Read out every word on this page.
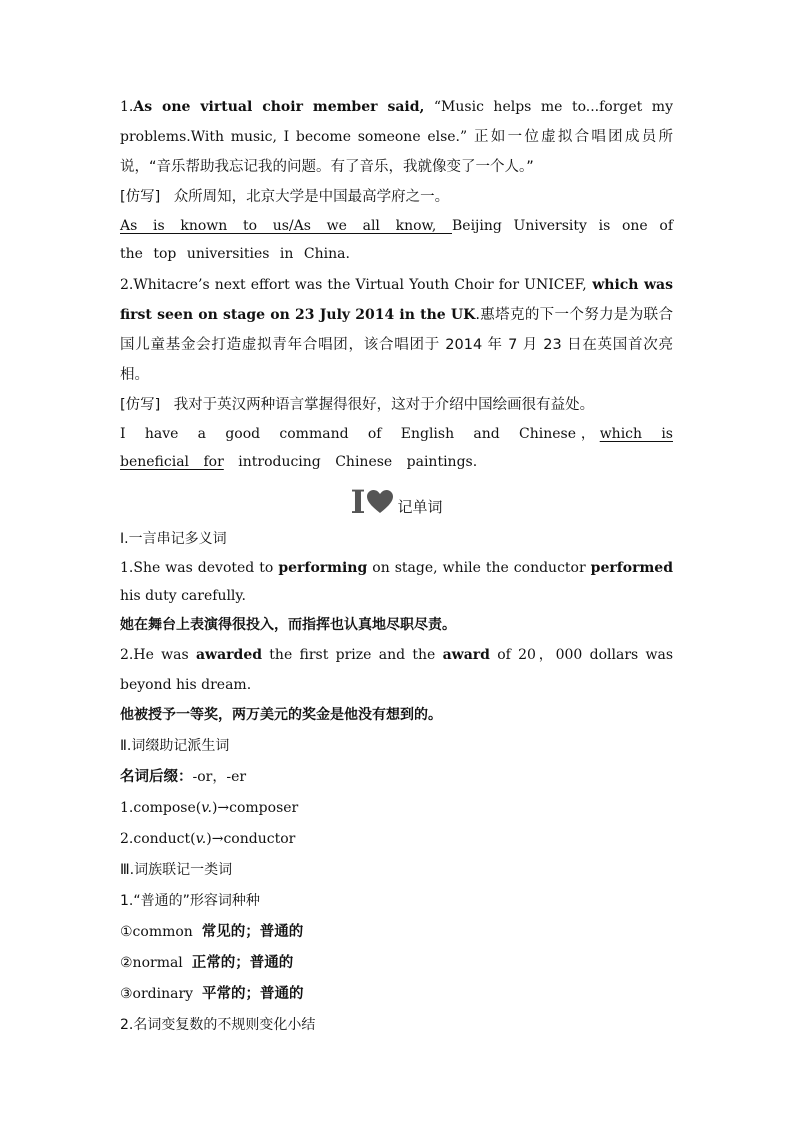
1.As one virtual choir member said, “Music helps me to...forget my problems.With music, I become someone else.” 正如一位虚拟合唱团成员所说，“音乐帮助我忘记我的问题。有了音乐，我就像变了一个人。”

[仿写] 众所周知，北京大学是中国最高学府之一。

As is known to us/As we all know, Beijing University is one of the top universities in China.

2.Whitacre’s next effort was the Virtual Youth Choir for UNICEF, which was first seen on stage on 23 July 2014 in the UK.惠塔克的下一个努力是为联合国儿童基金会打造虚拟青年合唱团，该合唱团于 2014 年 7 月 23 日在英国首次亮相。

[仿写] 我对于英汉两种语言掌握得很好，这对于介绍中国绘画很有益处。

I have a good command of English and Chinese，which is beneficial for introducing Chinese paintings.

I 记单词

Ⅰ.一言串记多义词

1.She was devoted to performing on stage, while the conductor performed his duty carefully.

她在舞台上表演得很投入，而指挥也认真地尽职尽责。

2.He was awarded the first prize and the award of 20，000 dollars was beyond his dream.

他被授予一等奖，两万美元的奖金是他没有想到的。

Ⅱ.词缀助记派生词

名词后缀：-or，-er

1.compose(v.)→composer

2.conduct(v.)→conductor

Ⅲ.词族联记一类词

1.“普通的”形容词种种

①common 常见的；普通的

②normal 正常的；普通的

③ordinary 平常的；普通的

2.名词变复数的不规则变化小结
